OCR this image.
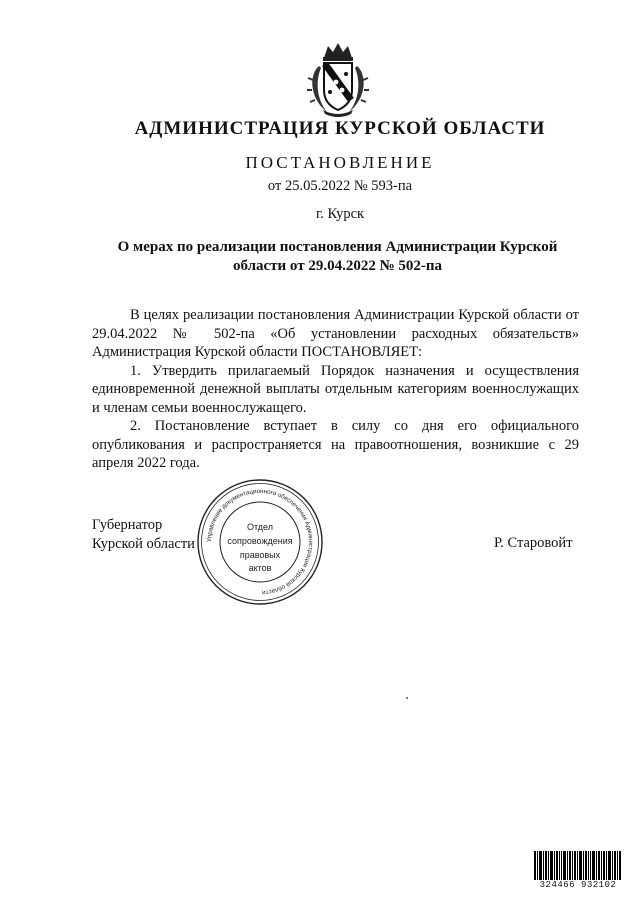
АДМИНИСТРАЦИЯ КУРСКОЙ ОБЛАСТИ
ПОСТАНОВЛЕНИЕ
от 25.05.2022 № 593-па
г. Курск
О мерах по реализации постановления Администрации Курской
области от 29.04.2022 № 502-па

В целях реализации постановления Администрации Курской области от 29.04.2022 № 502-па «Об установлении расходных обязательств» Администрация Курской области ПОСТАНОВЛЯЕТ:

1. Утвердить прилагаемый Порядок назначения и осуществления единовременной денежной выплаты отдельным категориям военнослужащих и членам семьи военнослужащего.

2. Постановление вступает в силу со дня его официального опубликования и распространяется на правоотношения, возникшие с 29 апреля 2022 года.

Губернатор
Курской области Управление документационного обеспечения Администрации Курской области
Отдел
сопровождения
правовых
актов
Р. Старовойт
324466 932102
